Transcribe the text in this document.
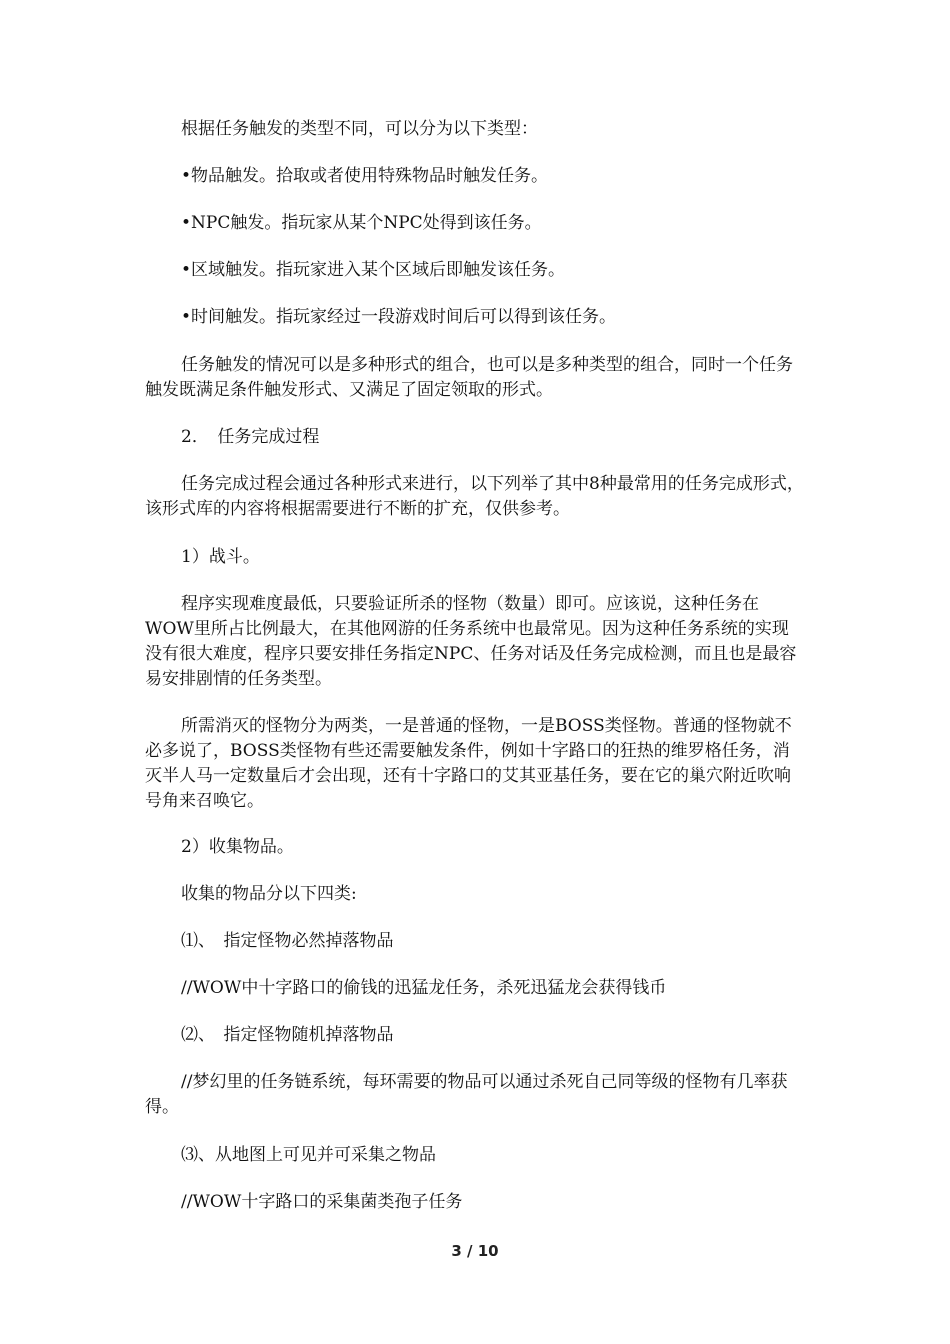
根据任务触发的类型不同，可以分为以下类型：

•物品触发。拾取或者使用特殊物品时触发任务。

•NPC触发。指玩家从某个NPC处得到该任务。

•区域触发。指玩家进入某个区域后即触发该任务。

•时间触发。指玩家经过一段游戏时间后可以得到该任务。

任务触发的情况可以是多种形式的组合，也可以是多种类型的组合，同时一个任务触发既满足条件触发形式、又满足了固定领取的形式。

2．　任务完成过程

任务完成过程会通过各种形式来进行，以下列举了其中8种最常用的任务完成形式，该形式库的内容将根据需要进行不断的扩充，仅供参考。

1）战斗。

程序实现难度最低，只要验证所杀的怪物（数量）即可。应该说，这种任务在WOW里所占比例最大，在其他网游的任务系统中也最常见。因为这种任务系统的实现没有很大难度，程序只要安排任务指定NPC、任务对话及任务完成检测，而且也是最容易安排剧情的任务类型。

所需消灭的怪物分为两类，一是普通的怪物，一是BOSS类怪物。普通的怪物就不必多说了，BOSS类怪物有些还需要触发条件，例如十字路口的狂热的维罗格任务，消灭半人马一定数量后才会出现，还有十字路口的艾其亚基任务，要在它的巢穴附近吹响号角来召唤它。

2）收集物品。

收集的物品分以下四类:

⑴、　指定怪物必然掉落物品

//WOW中十字路口的偷钱的迅猛龙任务，杀死迅猛龙会获得钱币

⑵、　指定怪物随机掉落物品

//梦幻里的任务链系统，每环需要的物品可以通过杀死自己同等级的怪物有几率获得。

⑶、从地图上可见并可采集之物品

//WOW十字路口的采集菌类孢子任务

3 / 10
